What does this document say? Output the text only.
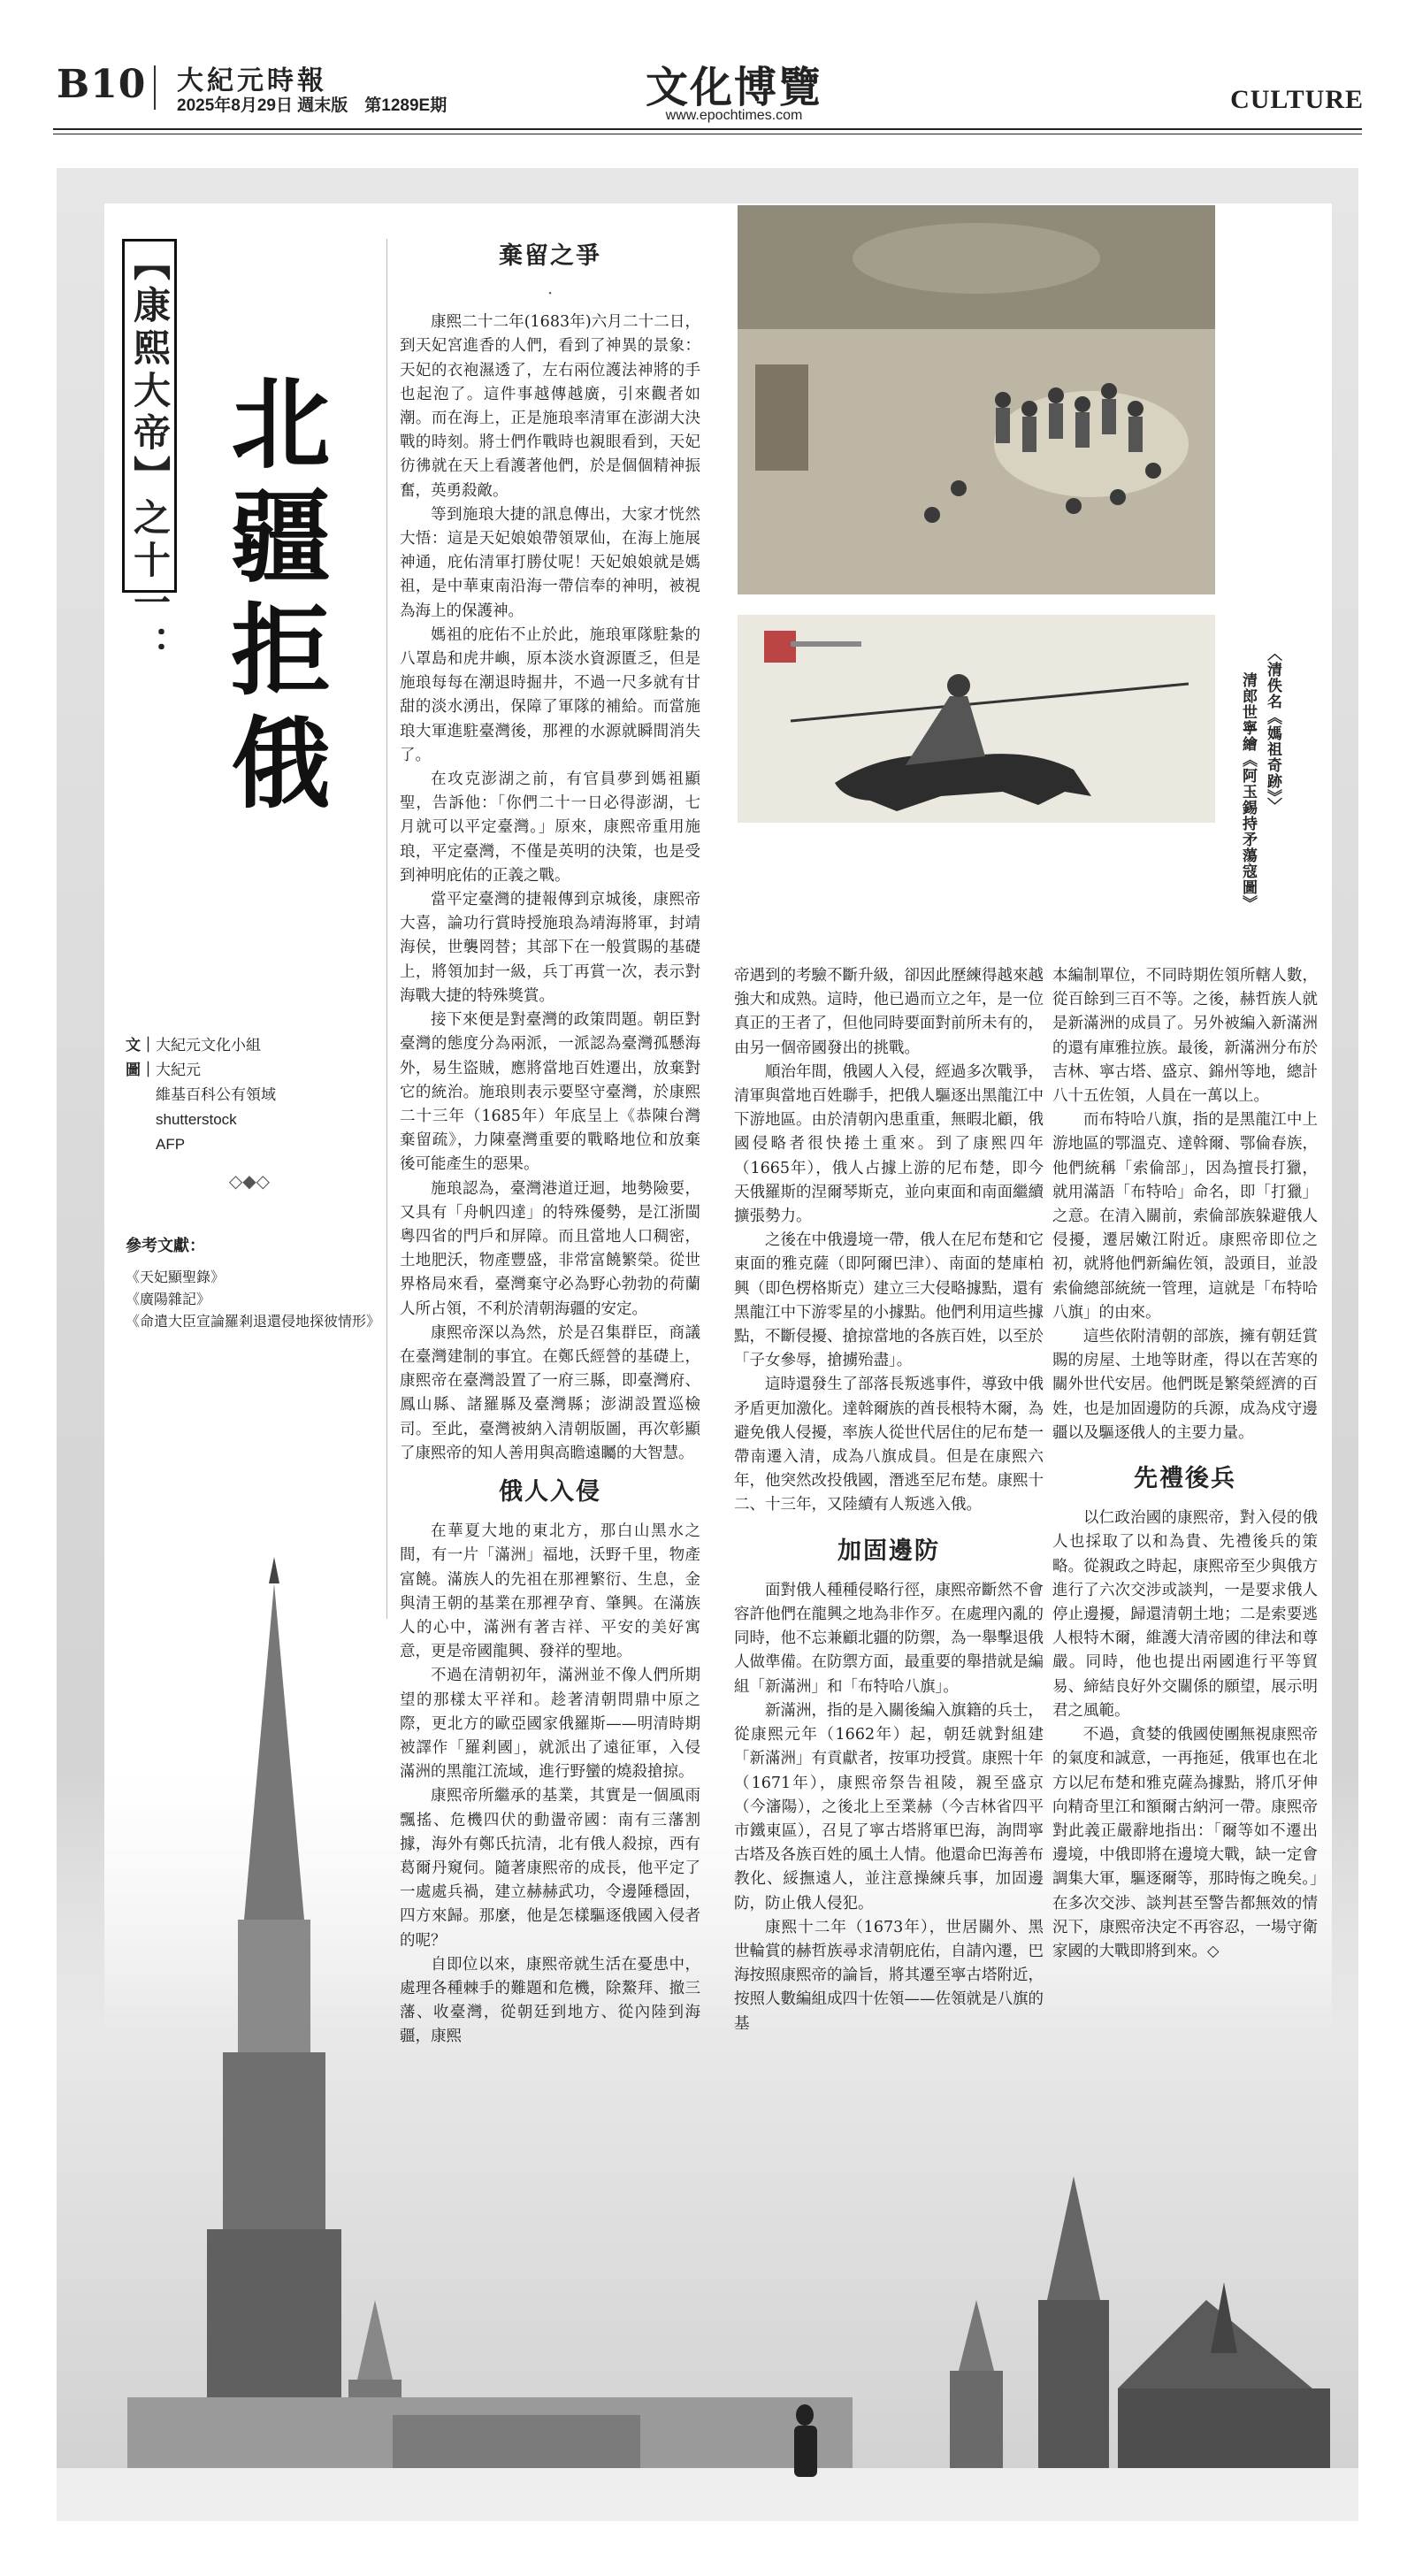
B10 大紀元時報
2025年8月29日 週末版　第1289E期	文化博覽
www.epochtimes.com
CULTURE
【康熙大帝】之十一： 北疆拒俄
文｜大紀元文化小組
圖｜大紀元
維基百科公有領域
shutterstock
AFP
◇◆◇
參考文獻：
《天妃顯聖錄》
《廣陽雜記》
《命遣大臣宣論羅剎退還侵地探彼情形》
︿清佚名《媽祖奇跡》﹀
清郎世寧繪《阿玉錫持矛蕩寇圖》
棄留之爭
·

康熙二十二年(1683年)六月二十二日，到天妃宮進香的人們，看到了神異的景象：天妃的衣袍濕透了，左右兩位護法神將的手也起泡了。這件事越傳越廣，引來觀者如潮。而在海上，正是施琅率清軍在澎湖大決戰的時刻。將士們作戰時也親眼看到，天妃彷彿就在天上看護著他們，於是個個精神振奮，英勇殺敵。

等到施琅大捷的訊息傳出，大家才恍然大悟：這是天妃娘娘帶領眾仙，在海上施展神通，庇佑清軍打勝仗呢！天妃娘娘就是媽祖，是中華東南沿海一帶信奉的神明，被視為海上的保護神。

媽祖的庇佑不止於此，施琅軍隊駐紮的八罩島和虎井嶼，原本淡水資源匱乏，但是施琅每每在潮退時掘井，不過一尺多就有甘甜的淡水湧出，保障了軍隊的補給。而當施琅大軍進駐臺灣後，那裡的水源就瞬間消失了。

在攻克澎湖之前，有官員夢到媽祖顯聖，告訴他：「你們二十一日必得澎湖，七月就可以平定臺灣。」原來，康熙帝重用施琅，平定臺灣，不僅是英明的決策，也是受到神明庇佑的正義之戰。

當平定臺灣的捷報傳到京城後，康熙帝大喜，論功行賞時授施琅為靖海將軍，封靖海侯，世襲罔替；其部下在一般賞賜的基礎上，將領加封一級，兵丁再賞一次，表示對海戰大捷的特殊獎賞。

接下來便是對臺灣的政策問題。朝臣對臺灣的態度分為兩派，一派認為臺灣孤懸海外，易生盜賊，應將當地百姓遷出，放棄對它的統治。施琅則表示要堅守臺灣，於康熙二十三年（1685年）年底呈上《恭陳台灣棄留疏》，力陳臺灣重要的戰略地位和放棄後可能產生的惡果。

施琅認為，臺灣港道迂迴，地勢險要，又具有「舟帆四達」的特殊優勢，是江浙閩粵四省的門戶和屏障。而且當地人口稠密，土地肥沃，物產豐盛，非常富饒繁榮。從世界格局來看，臺灣棄守必為野心勃勃的荷蘭人所占領，不利於清朝海疆的安定。

康熙帝深以為然，於是召集群臣，商議在臺灣建制的事宜。在鄭氏經營的基礎上，康熙帝在臺灣設置了一府三縣，即臺灣府、鳳山縣、諸羅縣及臺灣縣；澎湖設置巡檢司。至此，臺灣被納入清朝版圖，再次彰顯了康熙帝的知人善用與高瞻遠矚的大智慧。

俄人入侵

在華夏大地的東北方，那白山黑水之間，有一片「滿洲」福地，沃野千里，物產富饒。滿族人的先祖在那裡繁衍、生息，金與清王朝的基業在那裡孕育、肇興。在滿族人的心中，滿洲有著吉祥、平安的美好寓意，更是帝國龍興、發祥的聖地。

不過在清朝初年，滿洲並不像人們所期望的那樣太平祥和。趁著清朝問鼎中原之際，更北方的歐亞國家俄羅斯——明清時期被譯作「羅剎國」，就派出了遠征軍，入侵滿洲的黑龍江流域，進行野蠻的燒殺搶掠。

康熙帝所繼承的基業，其實是一個風雨飄搖、危機四伏的動盪帝國：南有三藩割據，海外有鄭氏抗清，北有俄人殺掠，西有葛爾丹窺伺。隨著康熙帝的成長，他平定了一處處兵禍，建立赫赫武功，令邊陲穩固，四方來歸。那麼，他是怎樣驅逐俄國入侵者的呢？

自即位以來，康熙帝就生活在憂患中，處理各種棘手的難題和危機，除鰲拜、撤三藩、收臺灣，從朝廷到地方、從內陸到海疆，康熙

帝遇到的考驗不斷升級，卻因此歷練得越來越強大和成熟。這時，他已過而立之年，是一位真正的王者了，但他同時要面對前所未有的，由另一個帝國發出的挑戰。

順治年間，俄國人入侵，經過多次戰爭，清軍與當地百姓聯手，把俄人驅逐出黑龍江中下游地區。由於清朝內患重重，無暇北顧，俄國侵略者很快捲土重來。到了康熙四年（1665年），俄人占據上游的尼布楚，即今天俄羅斯的涅爾琴斯克，並向東面和南面繼續擴張勢力。

之後在中俄邊境一帶，俄人在尼布楚和它東面的雅克薩（即阿爾巴津）、南面的楚庫柏興（即色楞格斯克）建立三大侵略據點，還有黑龍江中下游零星的小據點。他們利用這些據點，不斷侵擾、搶掠當地的各族百姓，以至於「子女參辱，搶擄殆盡」。

這時還發生了部落長叛逃事件，導致中俄矛盾更加激化。達斡爾族的酋長根特木爾，為避免俄人侵擾，率族人從世代居住的尼布楚一帶南遷入清，成為八旗成員。但是在康熙六年，他突然改投俄國，潛逃至尼布楚。康熙十二、十三年，又陸續有人叛逃入俄。

加固邊防

面對俄人種種侵略行徑，康熙帝斷然不會容許他們在龍興之地為非作歹。在處理內亂的同時，他不忘兼顧北疆的防禦，為一舉擊退俄人做準備。在防禦方面，最重要的舉措就是編組「新滿洲」和「布特哈八旗」。

新滿洲，指的是入關後編入旗籍的兵士，從康熙元年（1662年）起，朝廷就對組建「新滿洲」有貢獻者，按軍功授賞。康熙十年（1671年），康熙帝祭告祖陵，親至盛京（今瀋陽），之後北上至業赫（今吉林省四平市鐵東區），召見了寧古塔將軍巴海，詢問寧古塔及各族百姓的風土人情。他還命巴海善布教化、綏撫遠人，並注意操練兵事，加固邊防，防止俄人侵犯。

康熙十二年（1673年），世居關外、黑世輪賞的赫哲族尋求清朝庇佑，自請內遷，巴海按照康熙帝的論旨，將其遷至寧古塔附近，按照人數編組成四十佐領——佐領就是八旗的基

本編制單位，不同時期佐領所轄人數，從百餘到三百不等。之後，赫哲族人就是新滿洲的成員了。另外被編入新滿洲的還有庫雅拉族。最後，新滿洲分布於吉林、寧古塔、盛京、錦州等地，總計八十五佐領，人員在一萬以上。

而布特哈八旗，指的是黑龍江中上游地區的鄂溫克、達斡爾、鄂倫春族，他們統稱「索倫部」，因為擅長打獵，就用滿語「布特哈」命名，即「打獵」之意。在清入關前，索倫部族躲避俄人侵擾，遷居嫩江附近。康熙帝即位之初，就將他們新編佐領，設頭目，並設索倫總部統統一管理，這就是「布特哈八旗」的由來。

這些依附清朝的部族，擁有朝廷賞賜的房屋、土地等財產，得以在苦寒的關外世代安居。他們既是繁榮經濟的百姓，也是加固邊防的兵源，成為戍守邊疆以及驅逐俄人的主要力量。

先禮後兵

以仁政治國的康熙帝，對入侵的俄人也採取了以和為貴、先禮後兵的策略。從親政之時起，康熙帝至少與俄方進行了六次交涉或談判，一是要求俄人停止邊擾，歸還清朝土地；二是索要逃人根特木爾，維護大清帝國的律法和尊嚴。同時，他也提出兩國進行平等貿易、締結良好外交關係的願望，展示明君之風範。

不過，貪婪的俄國使團無視康熙帝的氣度和誠意，一再拖延，俄軍也在北方以尼布楚和雅克薩為據點，將爪牙伸向精奇里江和額爾古納河一帶。康熙帝對此義正嚴辭地指出：「爾等如不遷出邊境，中俄即將在邊境大戰，缺一定會調集大軍，驅逐爾等，那時悔之晚矣。」在多次交涉、談判甚至警告都無效的情況下，康熙帝決定不再容忍，一場守衛家國的大戰即將到來。◇
